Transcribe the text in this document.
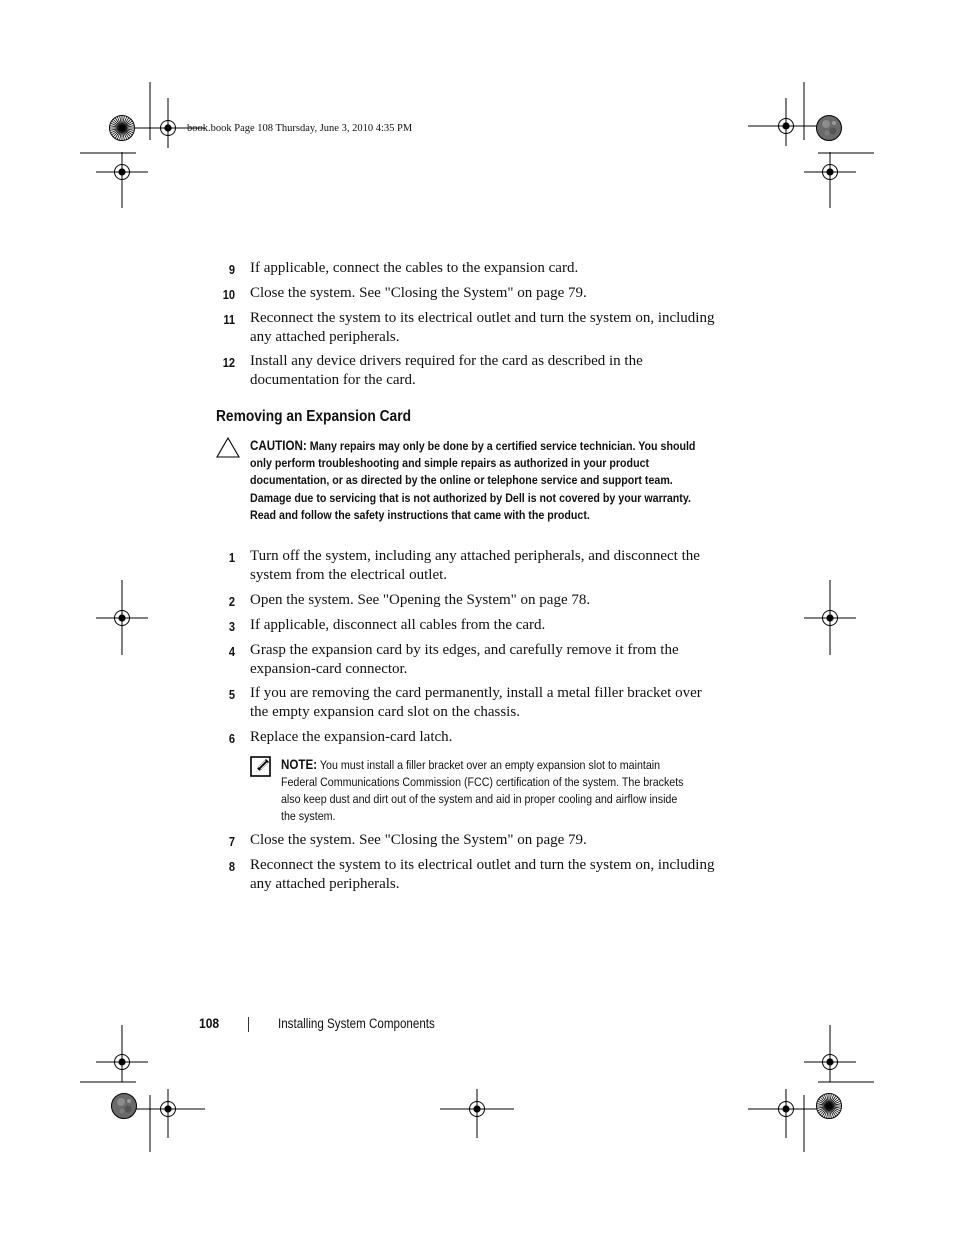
book.book Page 108 Thursday, June 3, 2010 4:35 PM
9 If applicable, connect the cables to the expansion card.
10 Close the system. See "Closing the System" on page 79.
11 Reconnect the system to its electrical outlet and turn the system on, including any attached peripherals.
12 Install any device drivers required for the card as described in the documentation for the card.
Removing an Expansion Card
CAUTION: Many repairs may only be done by a certified service technician. You should only perform troubleshooting and simple repairs as authorized in your product documentation, or as directed by the online or telephone service and support team. Damage due to servicing that is not authorized by Dell is not covered by your warranty. Read and follow the safety instructions that came with the product.
1 Turn off the system, including any attached peripherals, and disconnect the system from the electrical outlet.
2 Open the system. See "Opening the System" on page 78.
3 If applicable, disconnect all cables from the card.
4 Grasp the expansion card by its edges, and carefully remove it from the expansion-card connector.
5 If you are removing the card permanently, install a metal filler bracket over the empty expansion card slot on the chassis.
6 Replace the expansion-card latch.
NOTE: You must install a filler bracket over an empty expansion slot to maintain Federal Communications Commission (FCC) certification of the system. The brackets also keep dust and dirt out of the system and aid in proper cooling and airflow inside the system.
7 Close the system. See "Closing the System" on page 79.
8 Reconnect the system to its electrical outlet and turn the system on, including any attached peripherals.
108	Installing System Components
